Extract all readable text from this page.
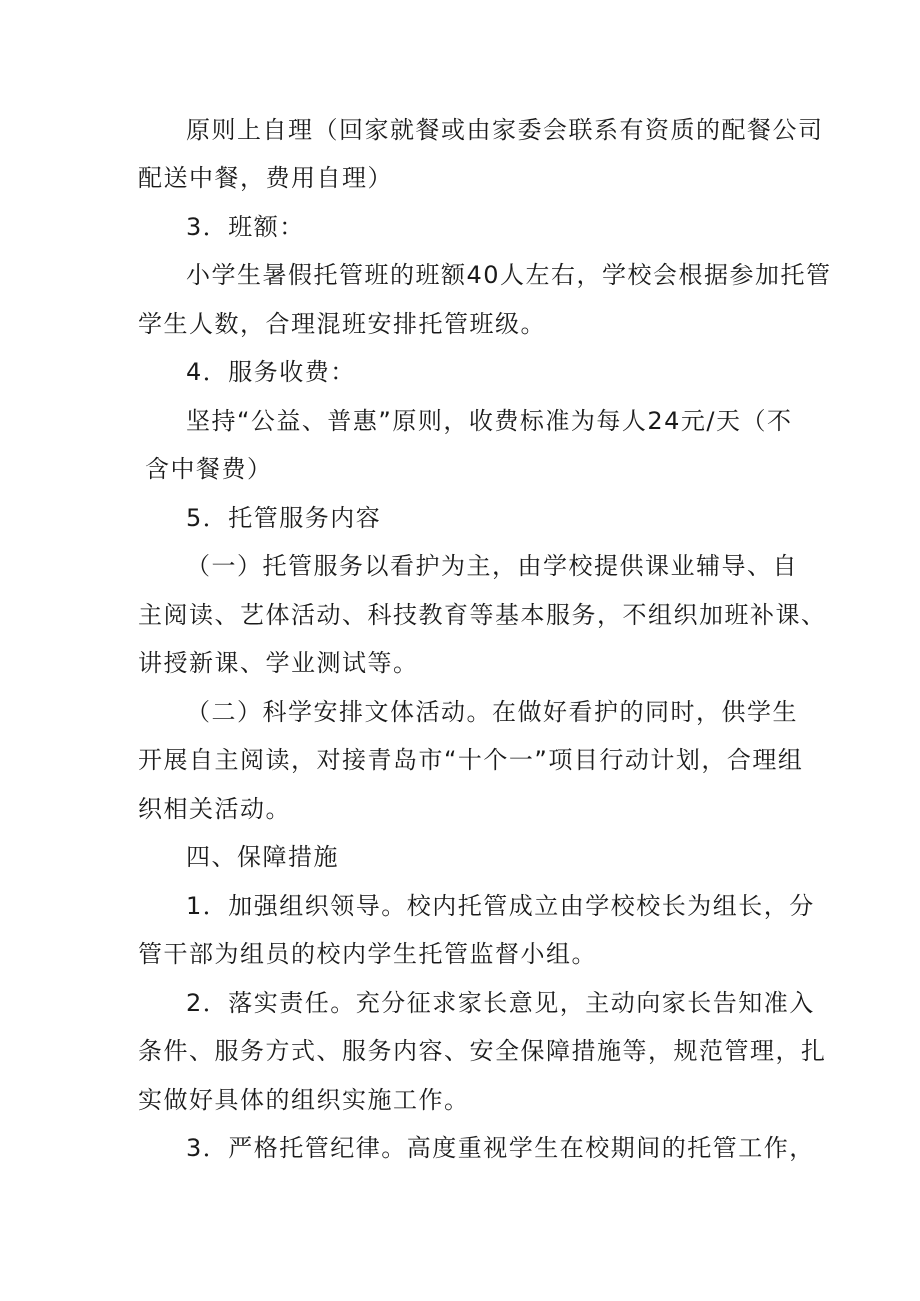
原则上自理（回家就餐或由家委会联系有资质的配餐公司
配送中餐，费用自理）
3．班额：
小学生暑假托管班的班额40人左右，学校会根据参加托管
学生人数，合理混班安排托管班级。
4．服务收费：
坚持“公益、普惠”原则，收费标准为每人24元/天（不
含中餐费）
5．托管服务内容
（一）托管服务以看护为主，由学校提供课业辅导、自
主阅读、艺体活动、科技教育等基本服务，不组织加班补课、
讲授新课、学业测试等。
（二）科学安排文体活动。在做好看护的同时，供学生
开展自主阅读，对接青岛市“十个一”项目行动计划，合理组
织相关活动。
四、保障措施
1．加强组织领导。校内托管成立由学校校长为组长，分
管干部为组员的校内学生托管监督小组。
2．落实责任。充分征求家长意见，主动向家长告知准入
条件、服务方式、服务内容、安全保障措施等，规范管理，扎
实做好具体的组织实施工作。
3．严格托管纪律。高度重视学生在校期间的托管工作，
